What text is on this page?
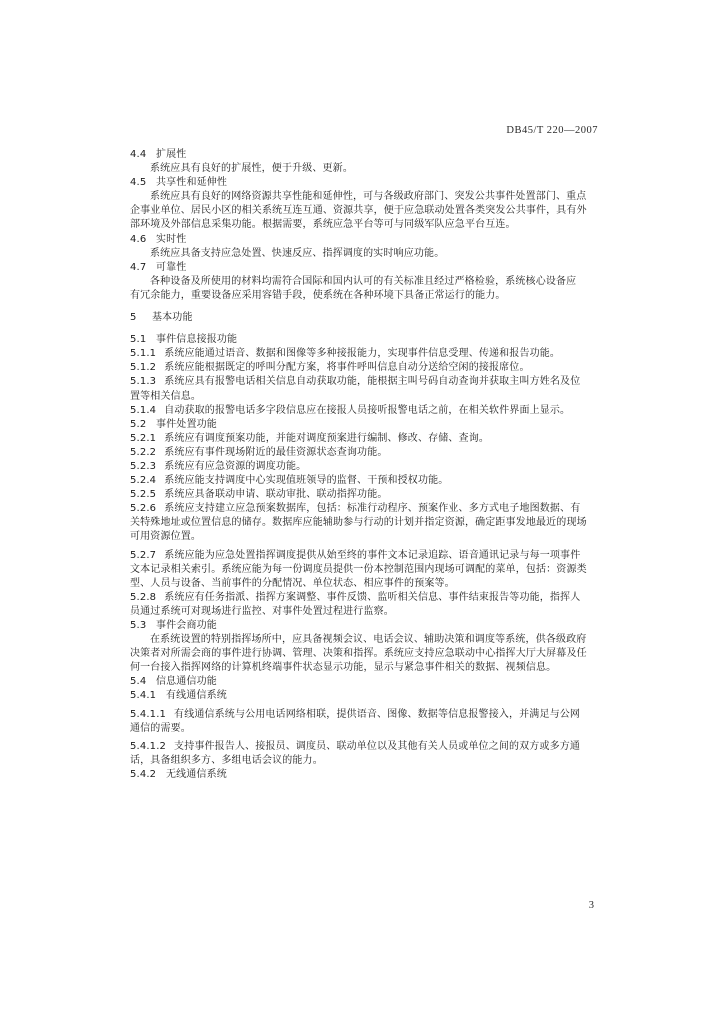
DB45/T 220—2007
4.4 扩展性
系统应具有良好的扩展性，便于升级、更新。
4.5 共享性和延伸性
系统应具有良好的网络资源共享性能和延伸性，可与各级政府部门、突发公共事件处置部门、重点
企事业单位、居民小区的相关系统互连互通、资源共享，便于应急联动处置各类突发公共事件，具有外
部环境及外部信息采集功能。根据需要，系统应急平台等可与同级军队应急平台互连。
4.6 实时性
系统应具备支持应急处置、快速反应、指挥调度的实时响应功能。
4.7 可靠性
各种设备及所使用的材料均需符合国际和国内认可的有关标准且经过严格检验，系统核心设备应
有冗余能力，重要设备应采用容错手段，使系统在各种环境下具备正常运行的能力。
5	基本功能
5.1 事件信息接报功能
5.1.1 系统应能通过语音、数据和图像等多种接报能力，实现事件信息受理、传递和报告功能。
5.1.2 系统应能根据既定的呼叫分配方案，将事件呼叫信息自动分送给空闲的接报席位。
5.1.3 系统应具有报警电话相关信息自动获取功能，能根据主叫号码自动查询并获取主叫方姓名及位
置等相关信息。
5.1.4 自动获取的报警电话多字段信息应在接报人员接听报警电话之前，在相关软件界面上显示。
5.2 事件处置功能
5.2.1 系统应有调度预案功能，并能对调度预案进行编制、修改、存储、查询。
5.2.2 系统应有事件现场附近的最佳资源状态查询功能。
5.2.3 系统应有应急资源的调度功能。
5.2.4 系统应能支持调度中心实现值班领导的监督、干预和授权功能。
5.2.5 系统应具备联动申请、联动审批、联动指挥功能。
5.2.6 系统应支持建立应急预案数据库，包括：标准行动程序、预案作业、多方式电子地图数据、有
关特殊地址或位置信息的储存。数据库应能辅助参与行动的计划并指定资源，确定距事发地最近的现场
可用资源位置。
5.2.7 系统应能为应急处置指挥调度提供从始至终的事件文本记录追踪、语音通讯记录与每一项事件
文本记录相关索引。系统应能为每一份调度员提供一份本控制范围内现场可调配的菜单，包括：资源类
型、人员与设备、当前事件的分配情况、单位状态、相应事件的预案等。
5.2.8 系统应有任务指派、指挥方案调整、事件反馈、监听相关信息、事件结束报告等功能，指挥人
员通过系统可对现场进行监控、对事件处置过程进行监察。
5.3 事件会商功能
在系统设置的特别指挥场所中，应具备视频会议、电话会议、辅助决策和调度等系统，供各级政府
决策者对所需会商的事件进行协调、管理、决策和指挥。系统应支持应急联动中心指挥大厅大屏幕及任
何一台接入指挥网络的计算机终端事件状态显示功能，显示与紧急事件相关的数据、视频信息。
5.4 信息通信功能
5.4.1 有线通信系统
5.4.1.1 有线通信系统与公用电话网络相联，提供语音、图像、数据等信息报警接入，并满足与公网
通信的需要。
5.4.1.2 支持事件报告人、接报员、调度员、联动单位以及其他有关人员或单位之间的双方或多方通
话，具备组织多方、多组电话会议的能力。
5.4.2 无线通信系统
3
